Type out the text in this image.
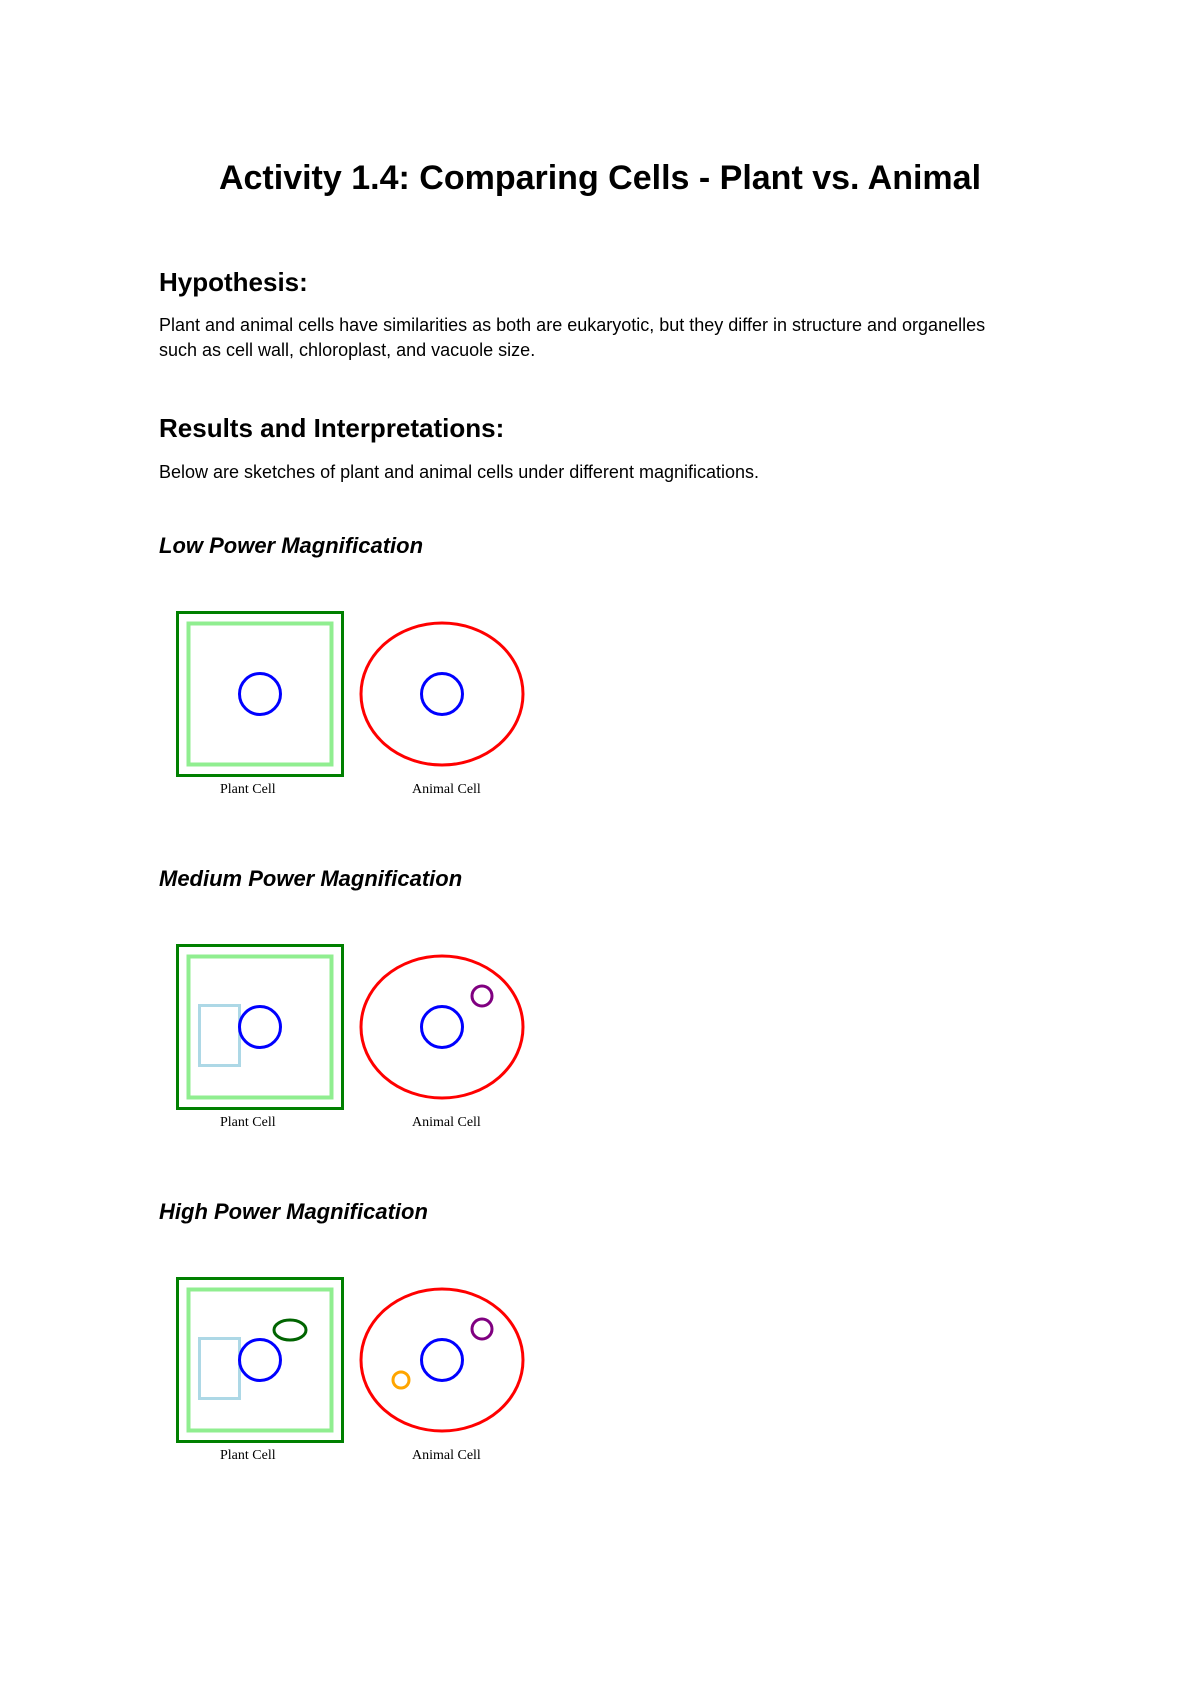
Activity 1.4: Comparing Cells - Plant vs. Animal
Hypothesis:

Plant and animal cells have similarities as both are eukaryotic, but they differ in structure and organelles such as cell wall, chloroplast, and vacuole size.

Results and Interpretations:

Below are sketches of plant and animal cells under different magnifications.

Low Power Magnification
Plant Cell	Animal Cell
Medium Power Magnification
Plant Cell	Animal Cell
High Power Magnification
Plant Cell	Animal Cell
